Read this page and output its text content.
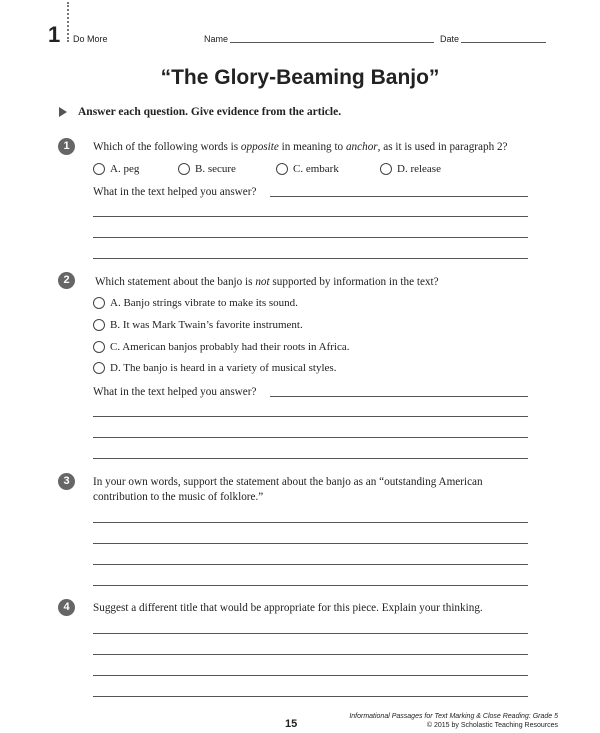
1 Do More	Name	Date
“The Glory-Beaming Banjo”
Answer each question. Give evidence from the article.
1	Which of the following words is opposite in meaning to anchor, as it is used in paragraph 2?
A. peg	B. secure	C. embark	D. release
What in the text helped you answer?
2	Which statement about the banjo is not supported by information in the text?
A. Banjo strings vibrate to make its sound.
B. It was Mark Twain’s favorite instrument.
C. American banjos probably had their roots in Africa.
D. The banjo is heard in a variety of musical styles.
What in the text helped you answer?
3	In your own words, support the statement about the banjo as an “outstanding American
contribution to the music of folklore.”
4	Suggest a different title that would be appropriate for this piece. Explain your thinking.
15
Informational Passages for Text Marking & Close Reading: Grade 5
© 2015 by Scholastic Teaching Resources
